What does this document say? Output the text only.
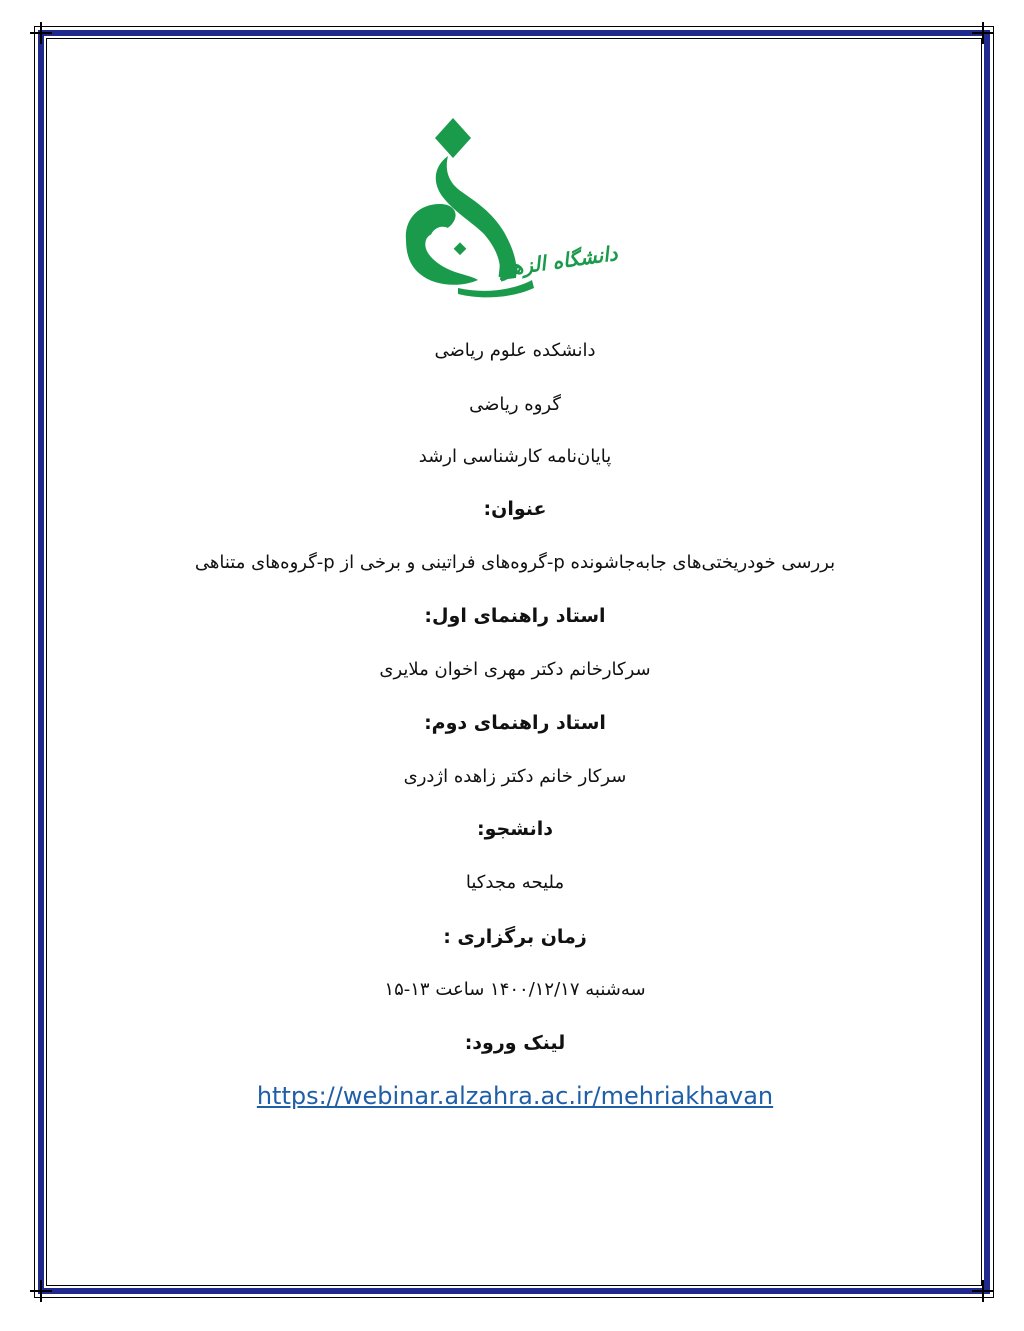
دانشگاه الزهرا
دانشکده علوم ریاضی
گروه ریاضی
پایان‌نامه کارشناسی ارشد
عنوان:
بررسی خودریختی‌های جابه‌جاشونده p-گروه‌های فراتینی و برخی از p-گروه‌های متناهی
استاد راهنمای اول:
سرکارخانم دکتر مهری اخوان ملایری
استاد راهنمای دوم:
سرکار خانم دکتر زاهده اژدری
دانشجو:
ملیحه مجدکیا
زمان برگزاری :
سه‌شنبه ۱۴۰۰/۱۲/۱۷ ساعت ۱۳-۱۵
لینک ورود:
https://webinar.alzahra.ac.ir/mehriakhavan
